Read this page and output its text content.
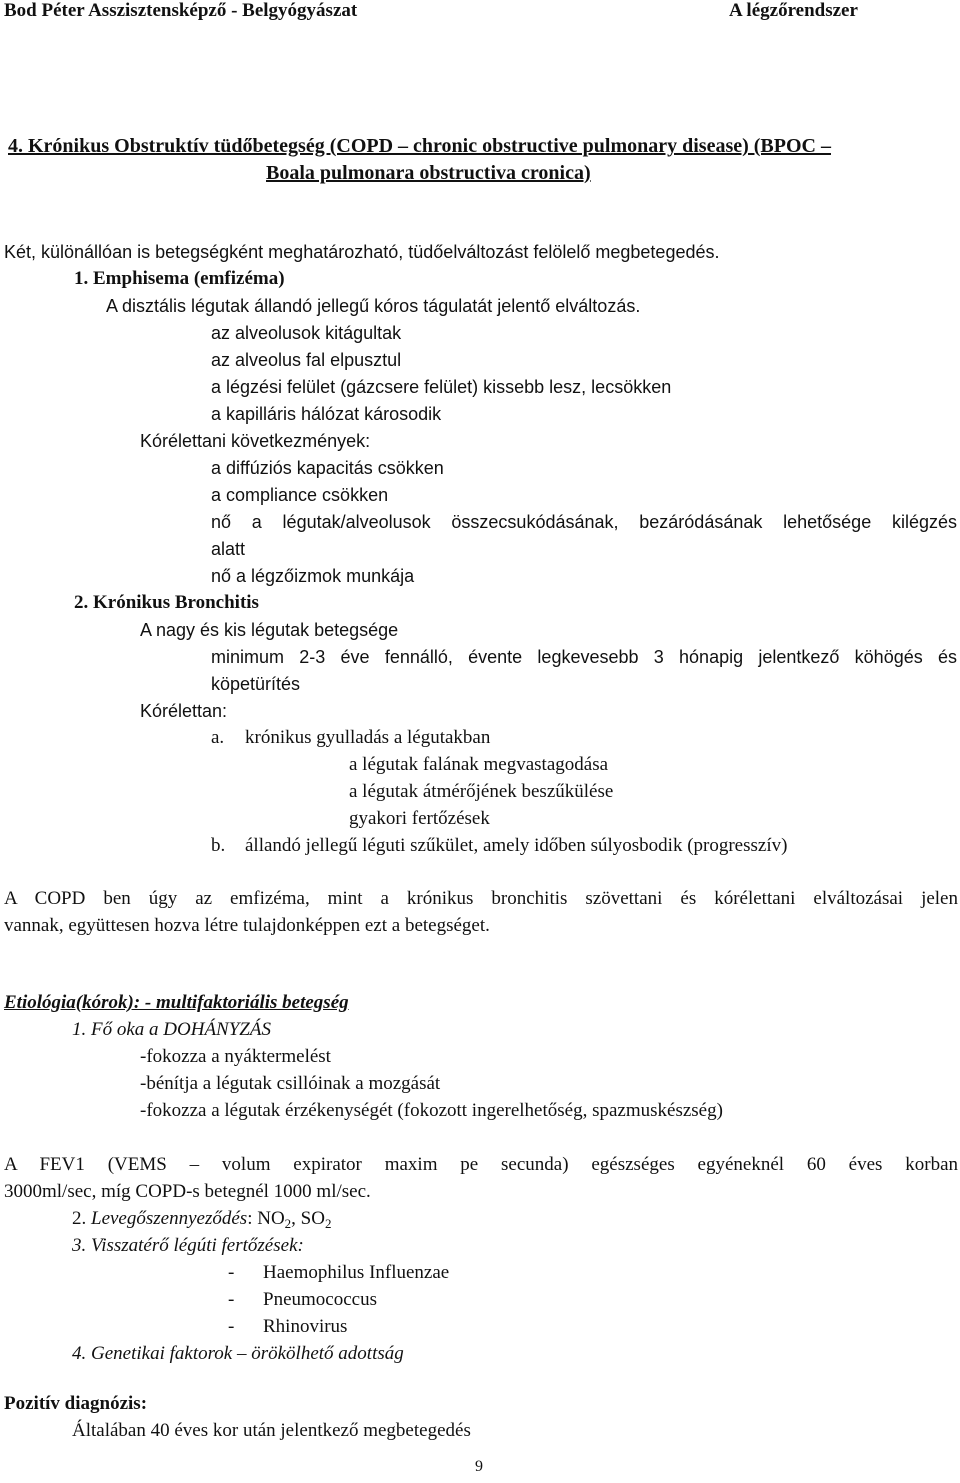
Bod Péter Asszisztensképző - Belgyógyászat	A légzőrendszer
4. Krónikus Obstruktív tüdőbetegség (COPD – chronic obstructive pulmonary disease) (BPOC –
Boala pulmonara obstructiva cronica)
Két, különállóan is betegségként meghatározható, tüdőelváltozást felölelő megbetegedés.
1. Emphisema (emfizéma)
A disztális légutak állandó jellegű kóros tágulatát jelentő elváltozás.
az alveolusok kitágultak
az alveolus fal elpusztul
a légzési felület (gázcsere felület) kissebb lesz, lecsökken
a kapilláris hálózat károsodik
Kórélettani következmények:
a diffúziós kapacitás csökken
a compliance csökken
nő a légutak/alveolusok összecsukódásának, bezáródásának lehetősége kilégzés
alatt
nő a légzőizmok munkája
2. Krónikus Bronchitis
A nagy és kis légutak betegsége
minimum 2-3 éve fennálló, évente legkevesebb 3 hónapig jelentkező köhögés és
köpetürítés
Kórélettan:
a. krónikus gyulladás a légutakban
a légutak falának megvastagodása
a légutak átmérőjének beszűkülése
gyakori fertőzések
b. állandó jellegű léguti szűkület, amely időben súlyosbodik (progresszív)
A COPD ben úgy az emfizéma, mint a krónikus bronchitis szövettani és kórélettani elváltozásai jelen
vannak, együttesen hozva létre tulajdonképpen ezt a betegséget.
Etiológia(kórok): - multifaktoriális betegség
1. Fő oka a DOHÁNYZÁS
-fokozza a nyáktermelést
-bénítja a légutak csillóinak a mozgását
-fokozza a légutak érzékenységét (fokozott ingerelhetőség, spazmuskészség)
A FEV1 (VEMS – volum expirator maxim pe secunda) egészséges egyéneknél 60 éves korban
3000ml/sec, míg COPD-s betegnél 1000 ml/sec.
2. Levegőszennyeződés: $NO_2$, $SO_2$
3. Visszatérő légúti fertőzések:
- Haemophilus Influenzae
- Pneumococcus
- Rhinovirus
4. Genetikai faktorok – örökölhető adottság
Pozitív diagnózis:
Általában 40 éves kor után jelentkező megbetegedés
9
